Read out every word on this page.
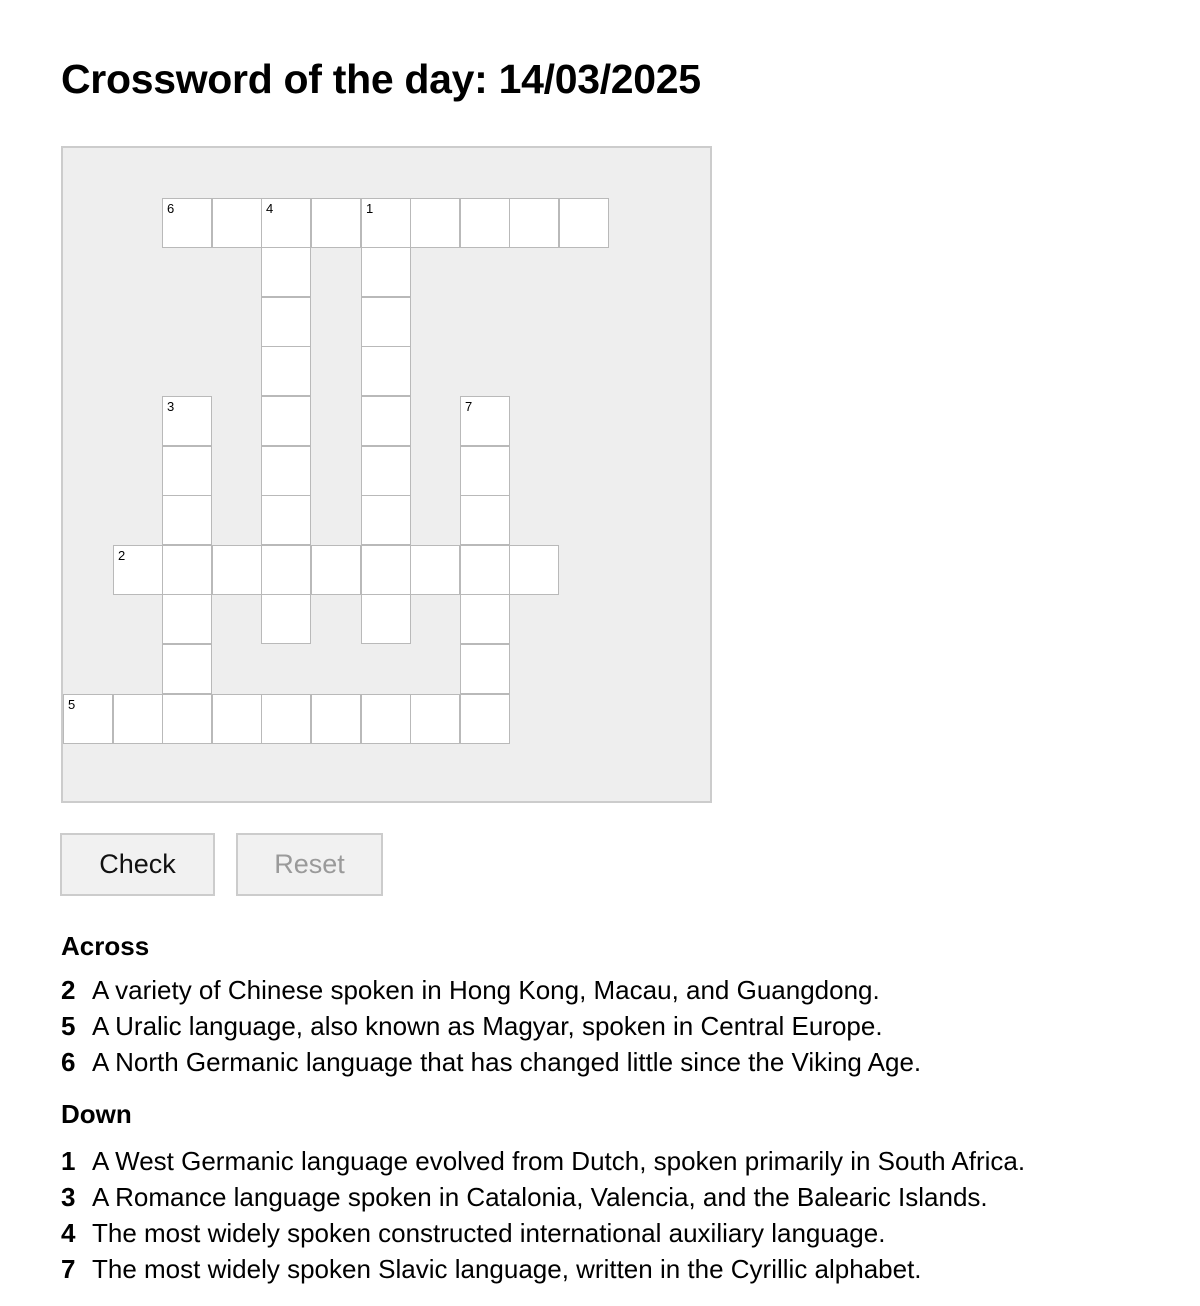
Crossword of the day: 14/03/2025
6	4	1
3	7
2
5
Check	Reset
Across
2 A variety of Chinese spoken in Hong Kong, Macau, and Guangdong.
5 A Uralic language, also known as Magyar, spoken in Central Europe.
6 A North Germanic language that has changed little since the Viking Age.
Down
1 A West Germanic language evolved from Dutch, spoken primarily in South Africa.
3 A Romance language spoken in Catalonia, Valencia, and the Balearic Islands.
4 The most widely spoken constructed international auxiliary language.
7 The most widely spoken Slavic language, written in the Cyrillic alphabet.
